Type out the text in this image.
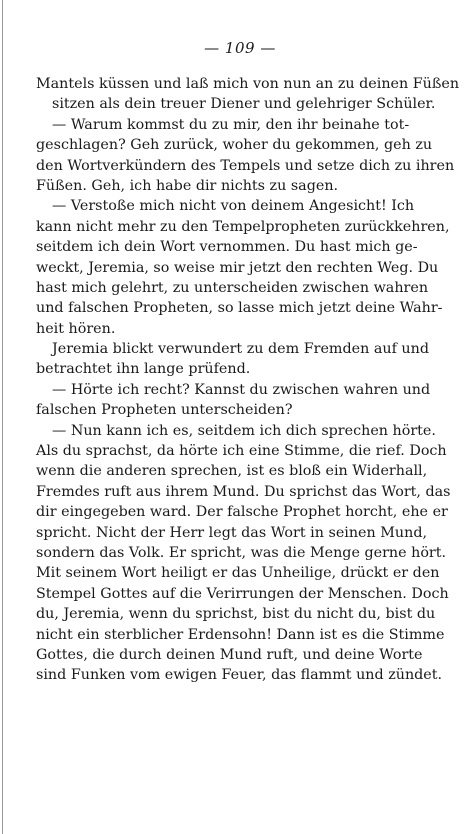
— 109 —
Mantels küssen und laß mich von nun an zu deinen Füßen
sitzen als dein treuer Diener und gelehriger Schüler.
— Warum kommst du zu mir, den ihr beinahe tot-
geschlagen? Geh zurück, woher du gekommen, geh zu
den Wortverkündern des Tempels und setze dich zu ihren
Füßen. Geh, ich habe dir nichts zu sagen.
— Verstoße mich nicht von deinem Angesicht! Ich
kann nicht mehr zu den Tempelpropheten zurückkehren,
seitdem ich dein Wort vernommen. Du hast mich ge-
weckt, Jeremia, so weise mir jetzt den rechten Weg. Du
hast mich gelehrt, zu unterscheiden zwischen wahren
und falschen Propheten, so lasse mich jetzt deine Wahr-
heit hören.
Jeremia blickt verwundert zu dem Fremden auf und
betrachtet ihn lange prüfend.
— Hörte ich recht? Kannst du zwischen wahren und
falschen Propheten unterscheiden?
— Nun kann ich es, seitdem ich dich sprechen hörte.
Als du sprachst, da hörte ich eine Stimme, die rief. Doch
wenn die anderen sprechen, ist es bloß ein Widerhall,
Fremdes ruft aus ihrem Mund. Du sprichst das Wort, das
dir eingegeben ward. Der falsche Prophet horcht, ehe er
spricht. Nicht der Herr legt das Wort in seinen Mund,
sondern das Volk. Er spricht, was die Menge gerne hört.
Mit seinem Wort heiligt er das Unheilige, drückt er den
Stempel Gottes auf die Verirrungen der Menschen. Doch
du, Jeremia, wenn du sprichst, bist du nicht du, bist du
nicht ein sterblicher Erdensohn! Dann ist es die Stimme
Gottes, die durch deinen Mund ruft, und deine Worte
sind Funken vom ewigen Feuer, das flammt und zündet.
